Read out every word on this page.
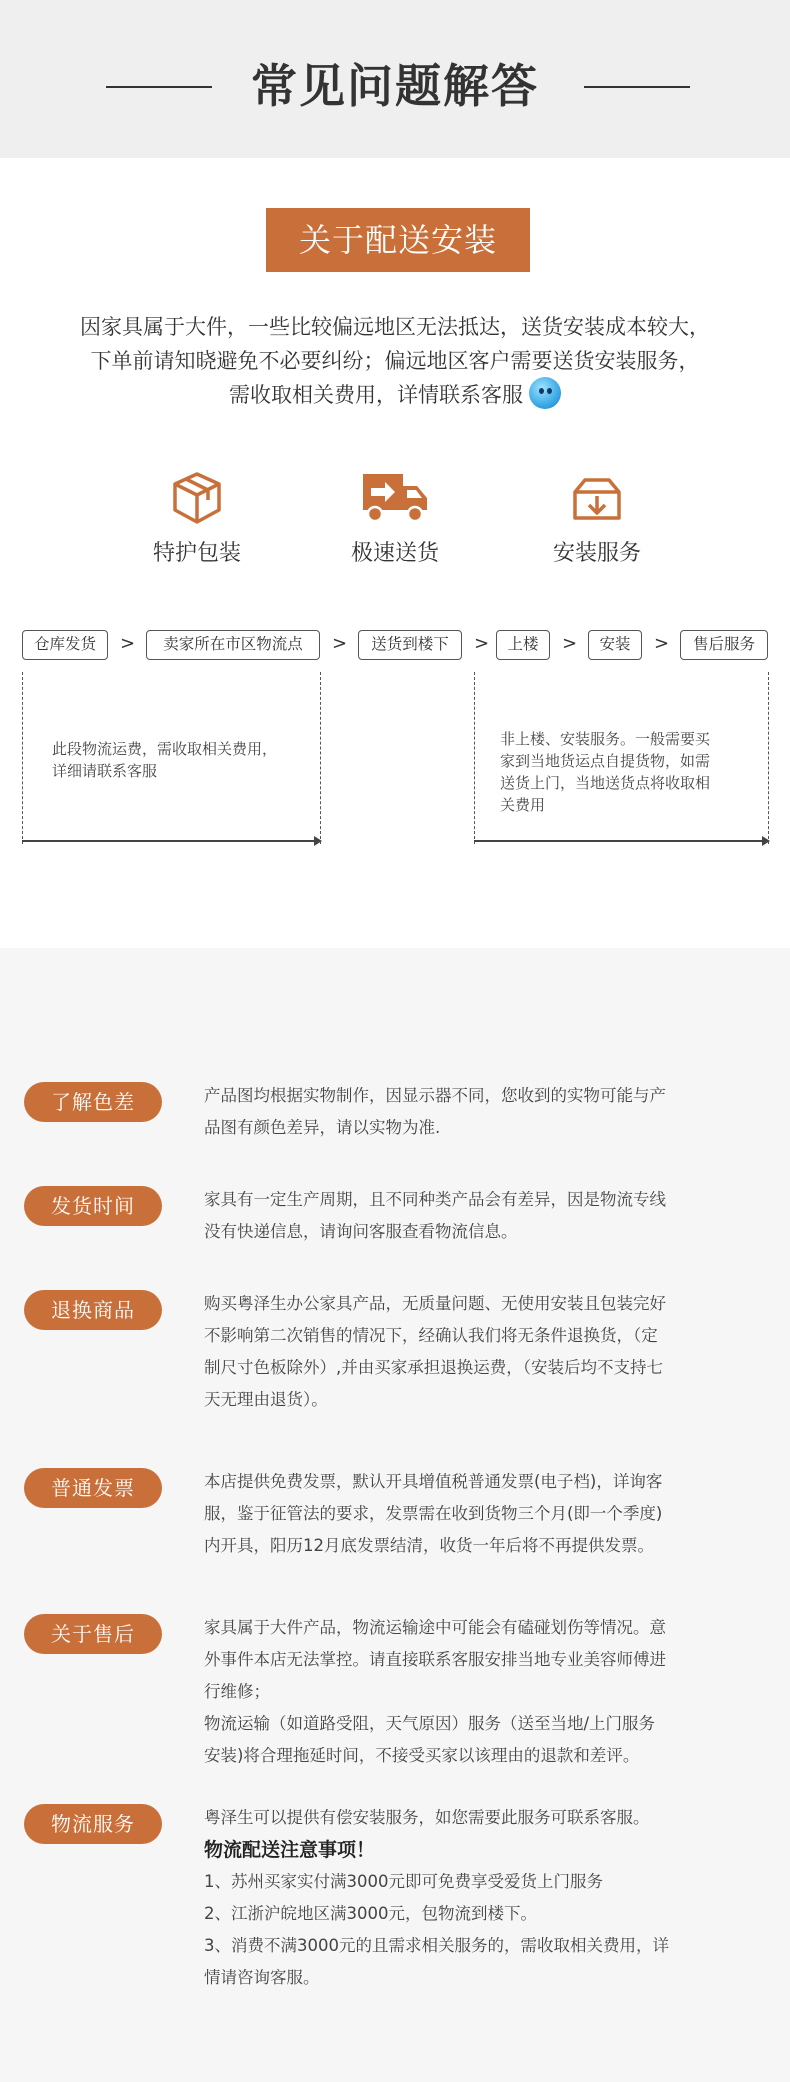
常见问题解答
关于配送安装

因家具属于大件，一些比较偏远地区无法抵达，送货安装成本较大，

下单前请知晓避免不必要纠纷；偏远地区客户需要送货安装服务，

需收取相关费用，详情联系客服

特护包装	极速送货	安装服务
仓库发货	>	卖家所在市区物流点	>	送货到楼下	>	上楼	>	安装	>	售后服务
此段物流运费，需收取相关费用，
详细请联系客服
非上楼、安装服务。一般需要买
家到当地货运点自提货物，如需
送货上门，当地送货点将收取相
关费用
了解色差	产品图均根据实物制作，因显示器不同，您收到的实物可能与产

品图有颜色差异，请以实物为准.

发货时间	家具有一定生产周期，且不同种类产品会有差异，因是物流专线

没有快递信息，请询问客服查看物流信息。

退换商品	购买粤泽生办公家具产品，无质量问题、无使用安装且包装完好

不影响第二次销售的情况下，经确认我们将无条件退换货，（定

制尺寸色板除外）,并由买家承担退换运费，（安装后均不支持七

天无理由退货）。

普通发票	本店提供免费发票，默认开具增值税普通发票(电子档)，详询客

服，鉴于征管法的要求，发票需在收到货物三个月(即一个季度)

内开具，阳历12月底发票结清，收货一年后将不再提供发票。

关于售后	家具属于大件产品，物流运输途中可能会有磕碰划伤等情况。意

外事件本店无法掌控。请直接联系客服安排当地专业美容师傅进

行维修；

物流运输（如道路受阻，天气原因）服务（送至当地/上门服务

安装)将合理拖延时间，不接受买家以该理由的退款和差评。

物流服务	粤泽生可以提供有偿安装服务，如您需要此服务可联系客服。

物流配送注意事项！

1、苏州买家实付满3000元即可免费享受爱货上门服务

2、江浙沪皖地区满3000元，包物流到楼下。

3、消费不满3000元的且需求相关服务的，需收取相关费用，详

情请咨询客服。
